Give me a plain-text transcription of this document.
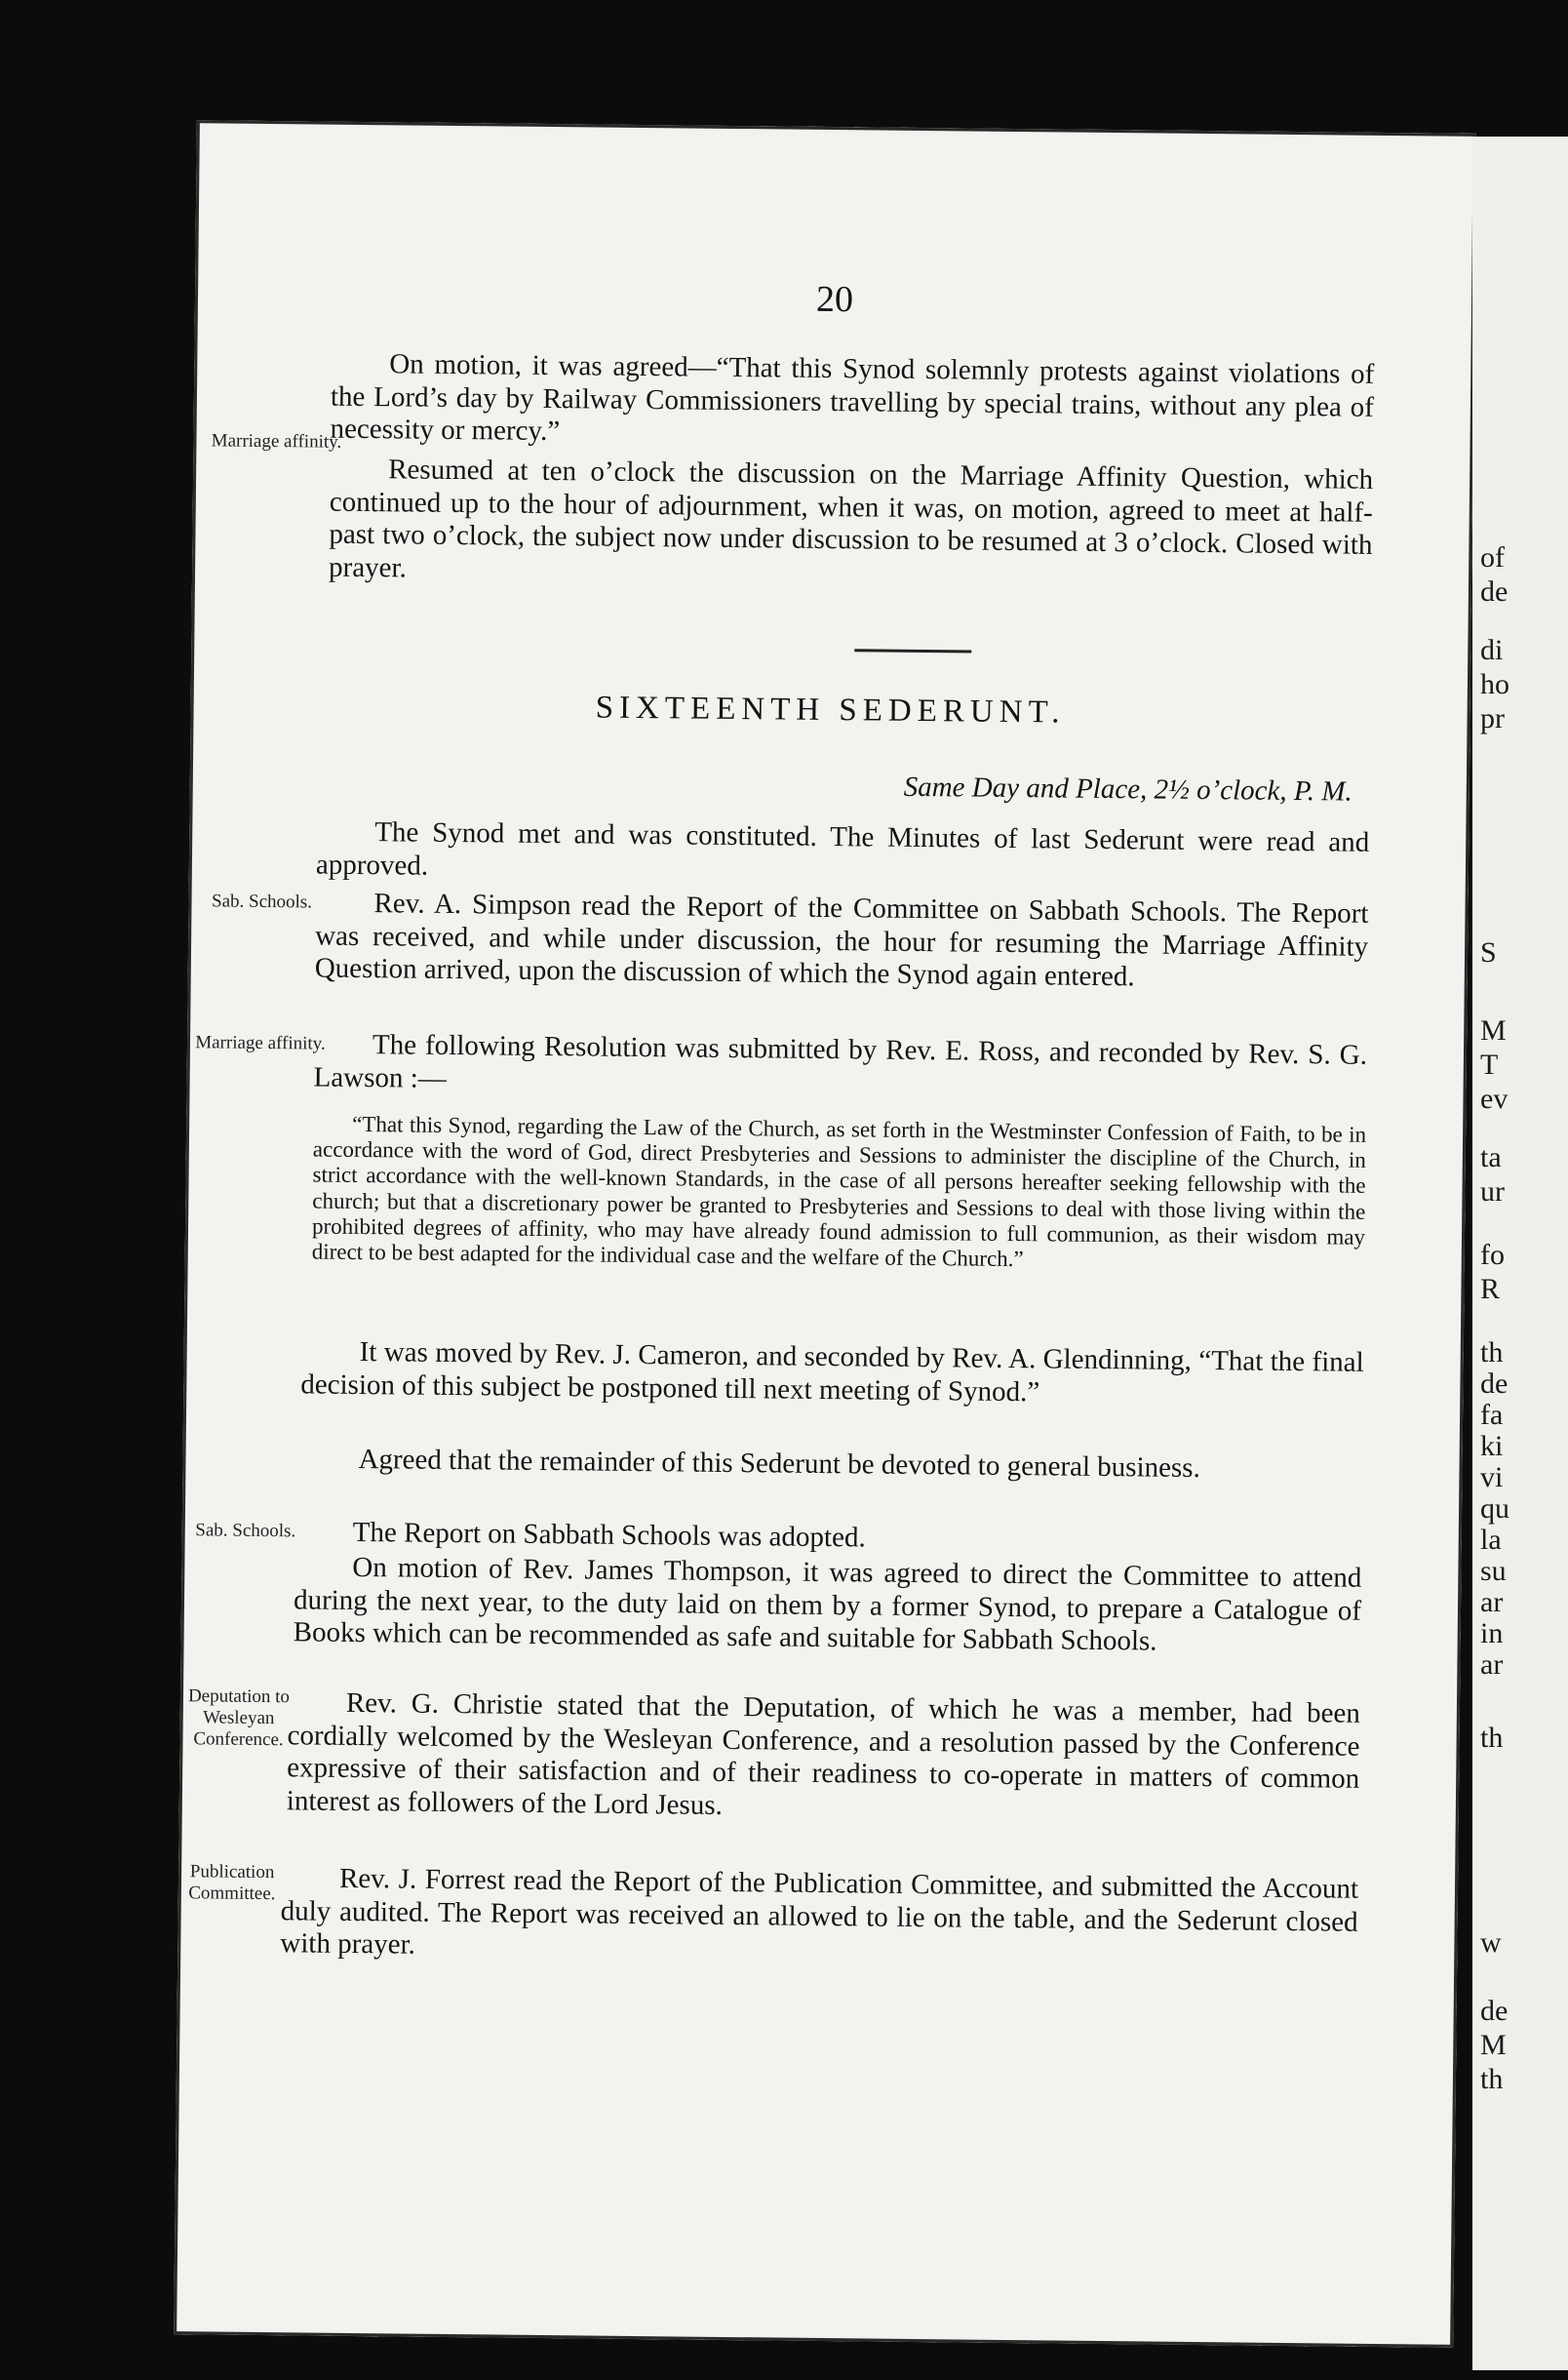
20
Marriage affinity.

On motion, it was agreed—“That this Synod solemnly protests against violations of the Lord’s day by Railway Commissioners travelling by special trains, without any plea of necessity or mercy.”

Resumed at ten o’clock the discussion on the Marriage Affinity Question, which continued up to the hour of adjournment, when it was, on motion, agreed to meet at half-past two o’clock, the subject now under discussion to be resumed at 3 o’clock. Closed with prayer.

SIXTEENTH SEDERUNT.
Same Day and Place, 2½ o’clock, P. M.

The Synod met and was constituted. The Minutes of last Sederunt were read and approved.

Sab. Schools.	Rev. A. Simpson read the Report of the Committee on Sabbath Schools. The Report was received, and while under discussion, the hour for resuming the Marriage Affinity Question arrived, upon the discussion of which the Synod again entered.

Marriage affinity.	The following Resolution was submitted by Rev. E. Ross, and reconded by Rev. S. G. Lawson :—

“That this Synod, regarding the Law of the Church, as set forth in the Westminster Confession of Faith, to be in accordance with the word of God, direct Presbyteries and Sessions to administer the discipline of the Church, in strict accordance with the well-known Standards, in the case of all persons hereafter seeking fellowship with the church; but that a discretionary power be granted to Presbyteries and Sessions to deal with those living within the prohibited degrees of affinity, who may have already found admission to full communion, as their wisdom may direct to be best adapted for the individual case and the welfare of the Church.”

It was moved by Rev. J. Cameron, and seconded by Rev. A. Glendinning, “That the final decision of this subject be postponed till next meeting of Synod.”

Agreed that the remainder of this Sederunt be devoted to general business.

Sab. Schools.	The Report on Sabbath Schools was adopted.

On motion of Rev. James Thompson, it was agreed to direct the Committee to attend during the next year, to the duty laid on them by a former Synod, to prepare a Catalogue of Books which can be recommended as safe and suitable for Sabbath Schools.

Deputation to Wesleyan Conference.

Rev. G. Christie stated that the Deputation, of which he was a member, had been cordially welcomed by the Wesleyan Conference, and a resolution passed by the Conference expressive of their satisfaction and of their readiness to co-operate in matters of common interest as followers of the Lord Jesus.

Publication Committee.	Rev. J. Forrest read the Report of the Publication Committee, and submitted the Account duly audited. The Report was received an allowed to lie on the table, and the Sederunt closed with prayer.

of
de
di
ho
pr
S
M
T
ev
ta
ur
fo
R
th
de
fa
ki
vi
qu
la
su
ar
in
ar
th
w
de
M
th
